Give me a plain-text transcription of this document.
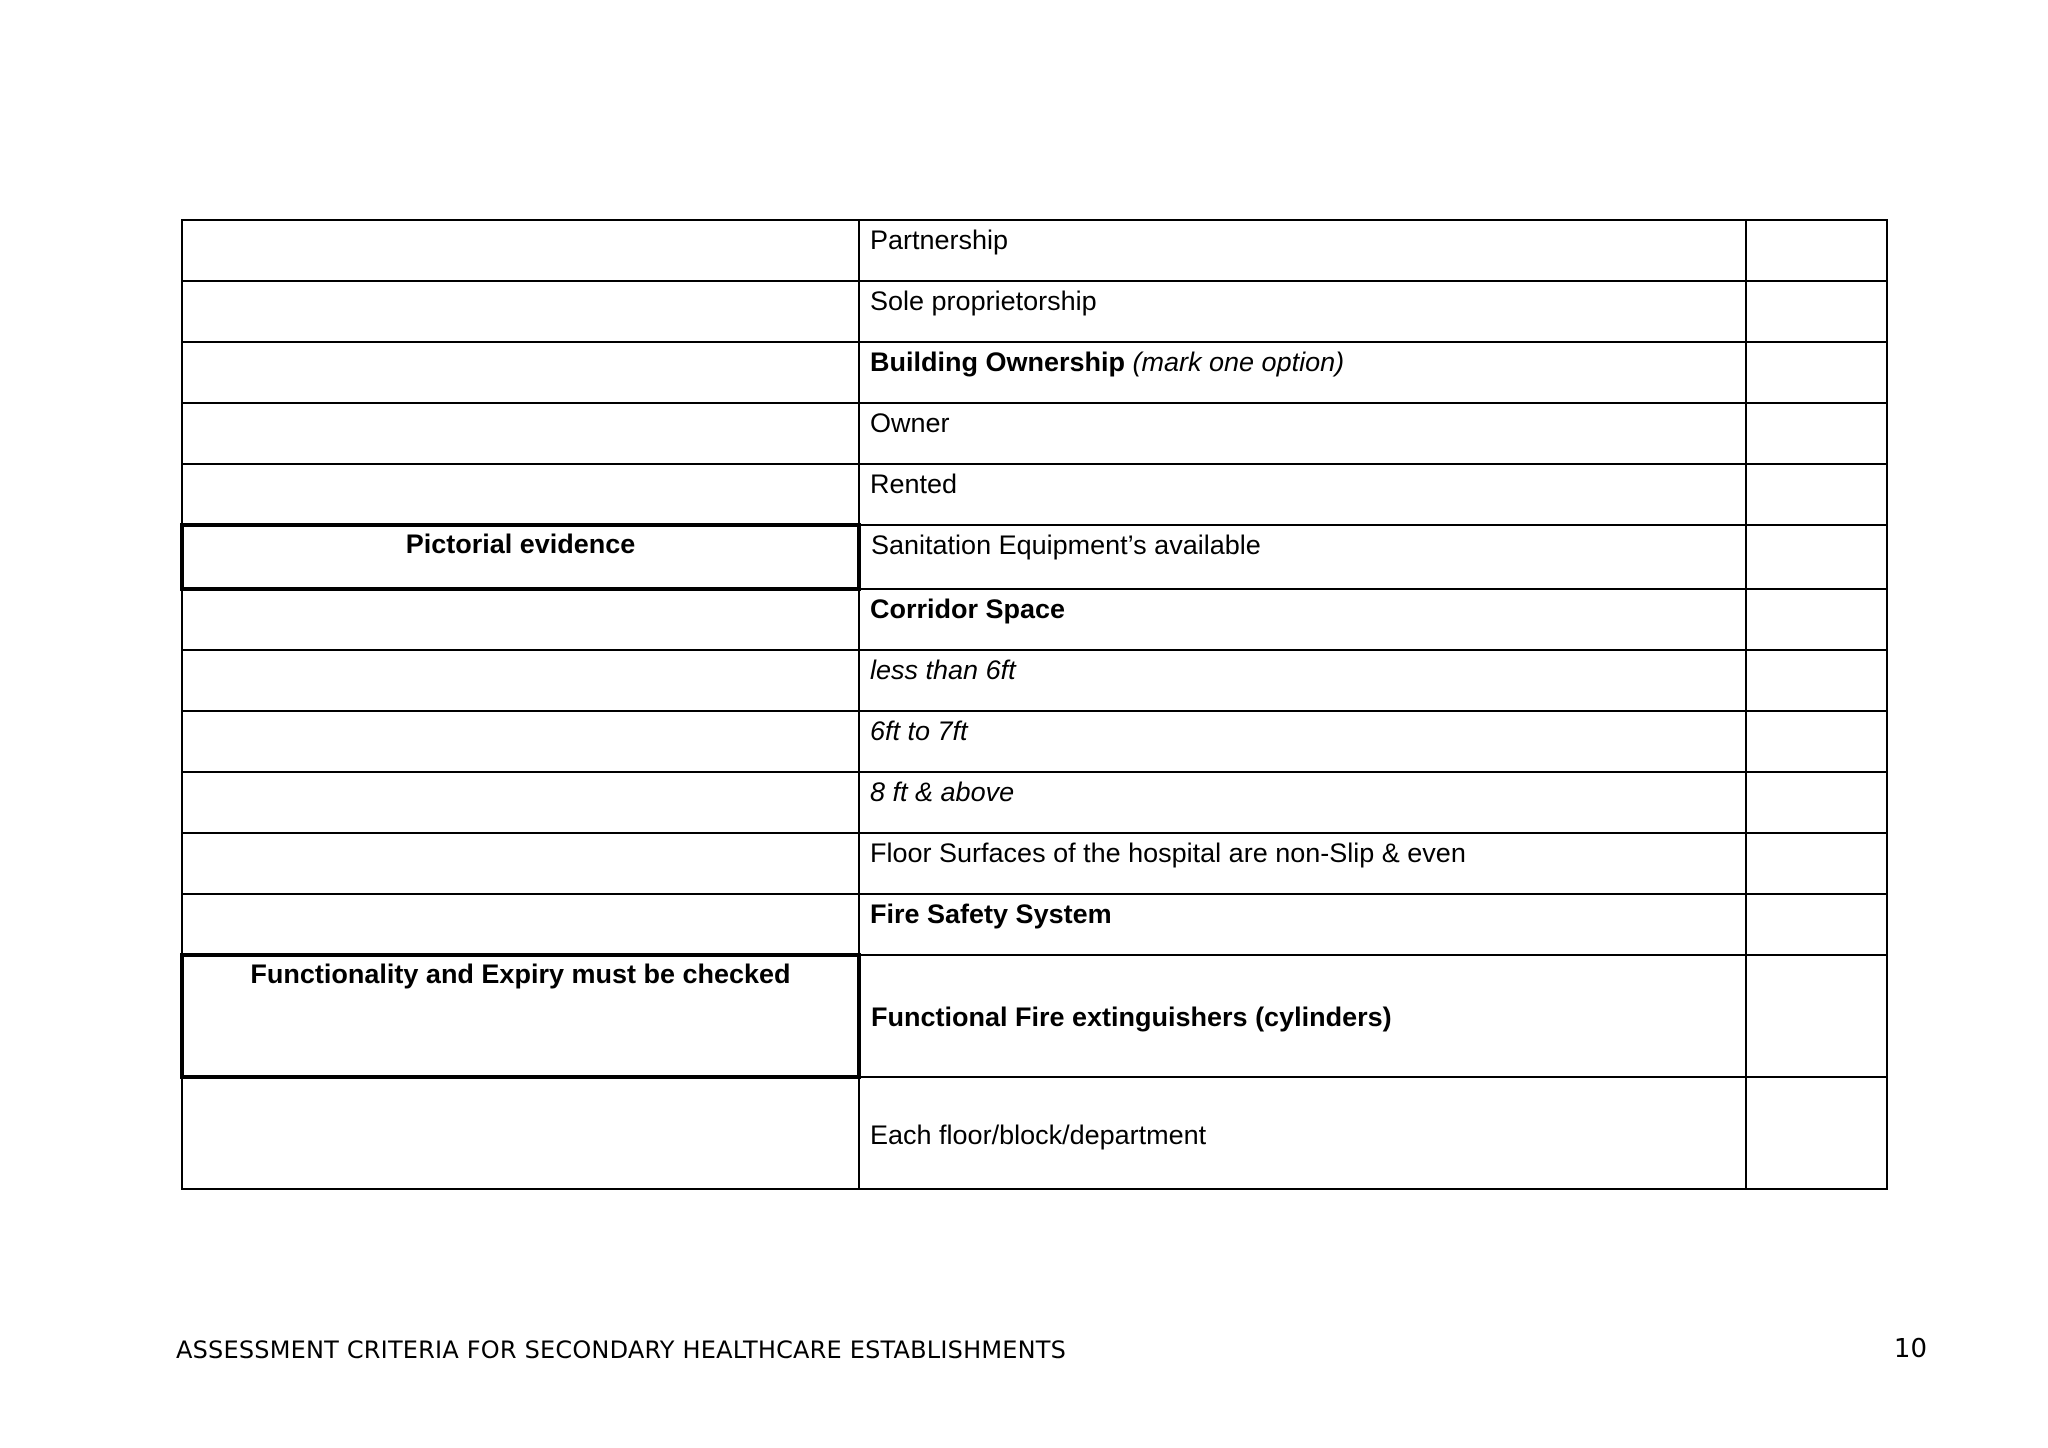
	Partnership	

	Sole proprietorship	

	Building Ownership (mark one option)	

	Owner	

	Rented	

Pictorial evidence	Sanitation Equipment’s available	

	Corridor Space	

	less than 6ft	

	6ft to 7ft	

	8 ft & above	

	Floor Surfaces of the hospital are non-Slip & even	

	Fire Safety System	

Functionality and Expiry must be checked	Functional Fire extinguishers (cylinders)	

	Each floor/block/department	

ASSESSMENT CRITERIA FOR SECONDARY HEALTHCARE ESTABLISHMENTS	10
